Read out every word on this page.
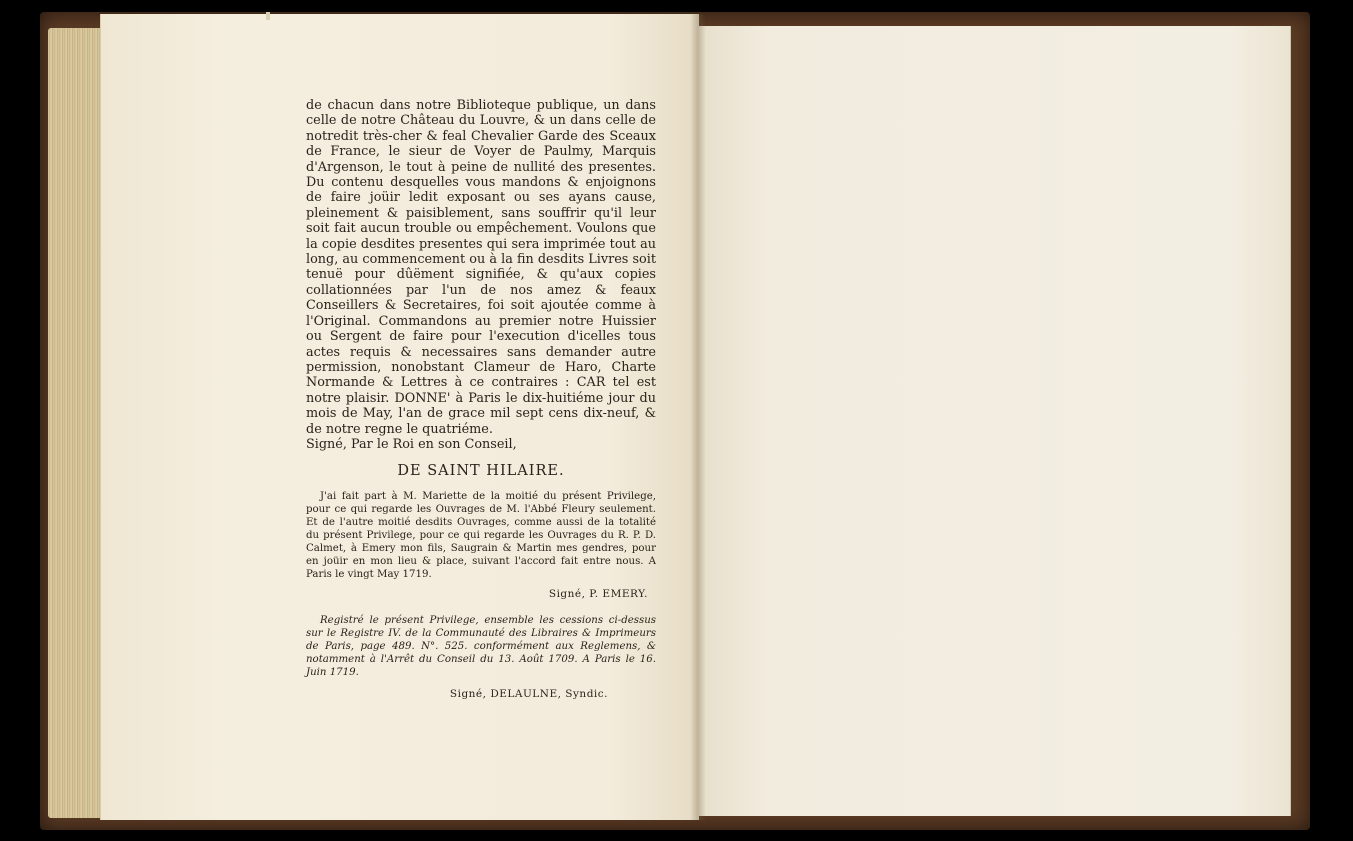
de chacun dans notre Biblioteque publique, un dans celle de notre Château du Louvre, & un dans celle de notredit très-cher & feal Chevalier Garde des Sceaux de France, le sieur de Voyer de Paulmy, Marquis d'Argenson, le tout à peine de nullité des presentes. Du contenu desquelles vous mandons & enjoignons de faire joüir ledit exposant ou ses ayans cause, pleinement & paisiblement, sans souffrir qu'il leur soit fait aucun trouble ou empêchement. Voulons que la copie desdites presentes qui sera imprimée tout au long, au commencement ou à la fin desdits Livres soit tenuë pour dûëment signifiée, & qu'aux copies collationnées par l'un de nos amez & feaux Conseillers & Secretaires, foi soit ajoutée comme à l'Original. Commandons au premier notre Huissier ou Sergent de faire pour l'execution d'icelles tous actes requis & necessaires sans demander autre permission, nonobstant Clameur de Haro, Charte Normande & Lettres à ce contraires : CAR tel est notre plaisir. DONNE' à Paris le dix-huitiéme jour du mois de May, l'an de grace mil sept cens dix-neuf, & de notre regne le quatriéme.

Signé, Par le Roi en son Conseil,

DE SAINT HILAIRE.

J'ai fait part à M. Mariette de la moitié du présent Privilege, pour ce qui regarde les Ouvrages de M. l'Abbé Fleury seulement. Et de l'autre moitié desdits Ouvrages, comme aussi de la totalité du présent Privilege, pour ce qui regarde les Ouvrages du R. P. D. Calmet, à Emery mon fils, Saugrain & Martin mes gendres, pour en joüir en mon lieu & place, suivant l'accord fait entre nous. A Paris le vingt May 1719.

Signé, P. EMERY.

Registré le présent Privilege, ensemble les cessions ci-dessus sur le Registre IV. de la Communauté des Libraires & Imprimeurs de Paris, page 489. N°. 525. conformément aux Reglemens, & notamment à l'Arrêt du Conseil du 13. Août 1709. A Paris le 16. Juin 1719.

Signé, DELAULNE, Syndic.
